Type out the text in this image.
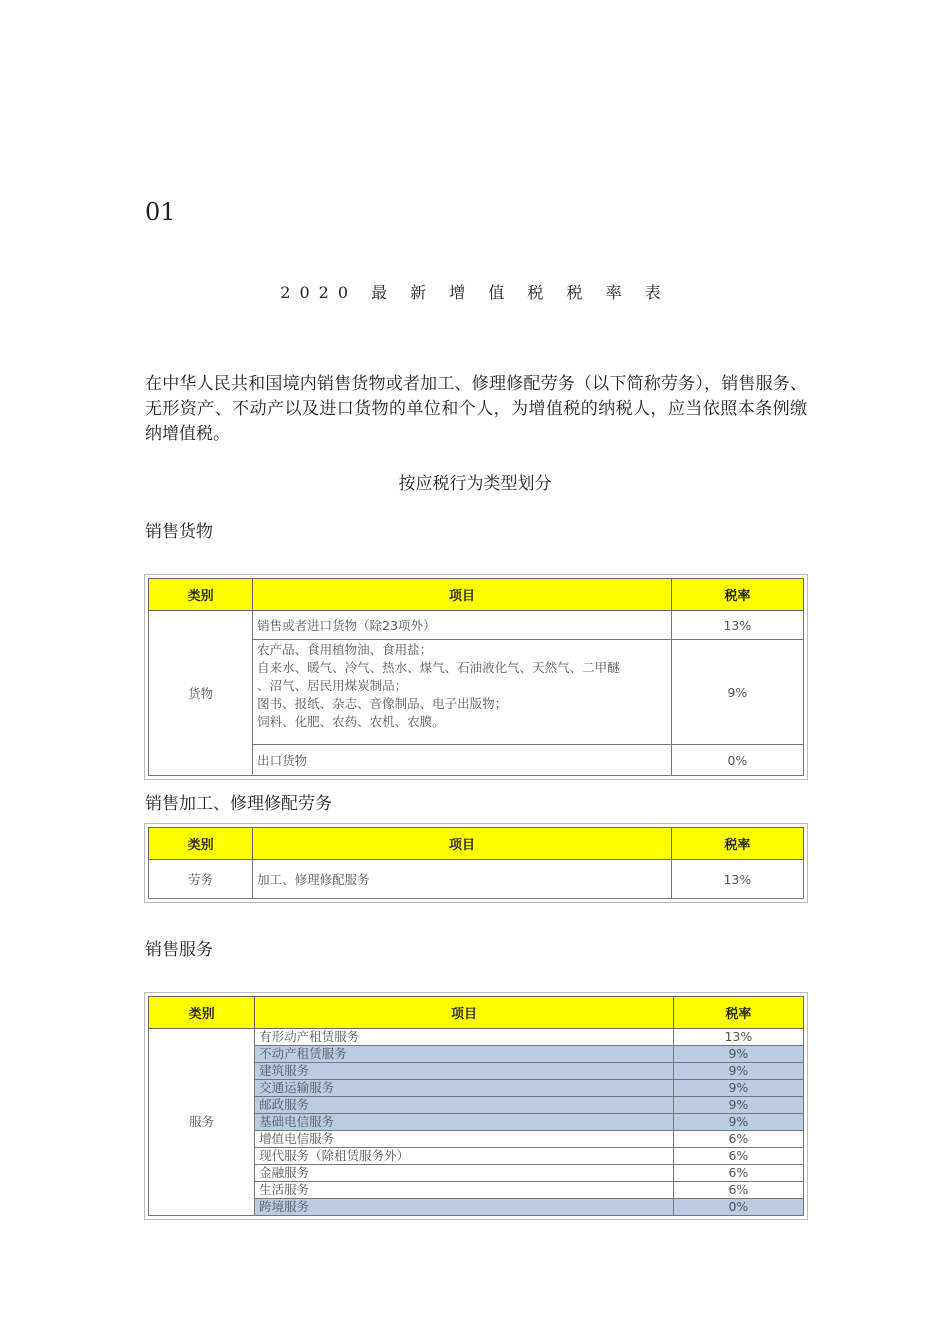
01
2020 最 新 增 值 税 税 率 表
在中华人民共和国境内销售货物或者加工、修理修配劳务（以下简称劳务），销售服务、无形资产、不动产以及进口货物的单位和个人，为增值税的纳税人，应当依照本条例缴纳增值税。
按应税行为类型划分
销售货物
类别	项目	税率
货物	销售或者进口货物（除23项外）	13%

	农产品、食用植物油、食用盐；
自来水、暖气、冷气、热水、煤气、石油液化气、天然气、二甲醚
、沼气、居民用煤炭制品；
图书、报纸、杂志、音像制品、电子出版物；
饲料、化肥、农药、农机、农膜。	9%
	出口货物	0%
销售加工、修理修配劳务
类别	项目	税率
劳务	加工、修理修配服务	13%
销售服务
类别	项目	税率
服务	有形动产租赁服务	13%
	不动产租赁服务	9%
	建筑服务	9%
	交通运输服务	9%
	邮政服务	9%
	基础电信服务	9%
	增值电信服务	6%
	现代服务（除租赁服务外）	6%
	金融服务	6%
	生活服务	6%
	跨境服务	0%
